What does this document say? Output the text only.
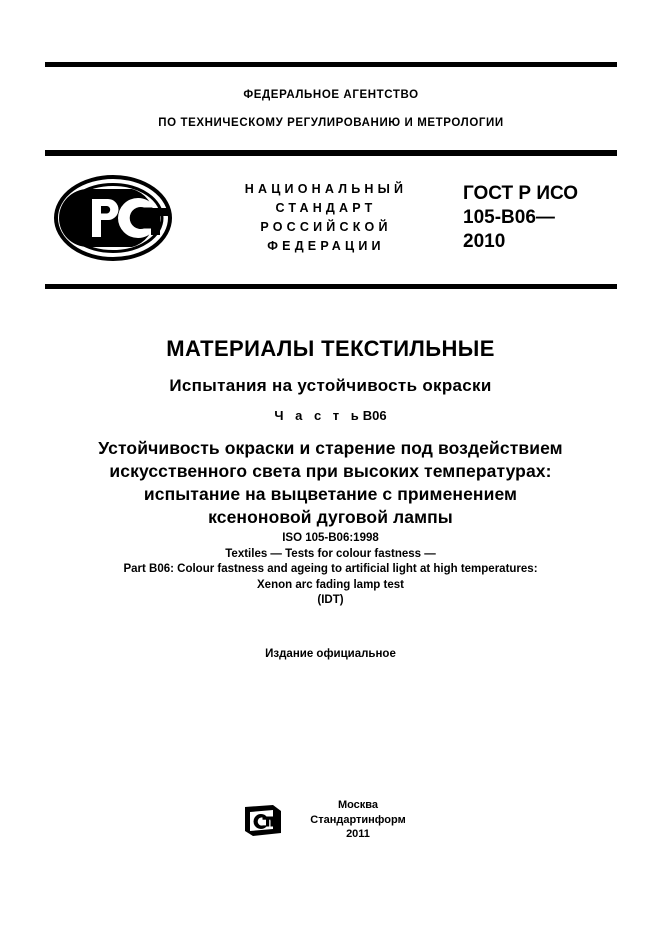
ФЕДЕРАЛЬНОЕ АГЕНТСТВО
ПО ТЕХНИЧЕСКОМУ РЕГУЛИРОВАНИЮ И МЕТРОЛОГИИ
НАЦИОНАЛЬНЫЙ
СТАНДАРТ
РОССИЙСКОЙ
ФЕДЕРАЦИИ
ГОСТ Р ИСО
105-B06—
2010
МАТЕРИАЛЫ ТЕКСТИЛЬНЫЕ
Испытания на устойчивость окраски
Ч а с т ьB06
Устойчивость окраски и старение под воздействием
искусственного света при высоких температурах:
испытание на выцветание с применением
ксеноновой дуговой лампы
ISO 105-B06:1998
Textiles — Tests for colour fastness —
Part B06: Colour fastness and ageing to artificial light at high temperatures:
Xenon arc fading lamp test
(IDT)
Издание официальное
Москва
Стандартинформ
2011
